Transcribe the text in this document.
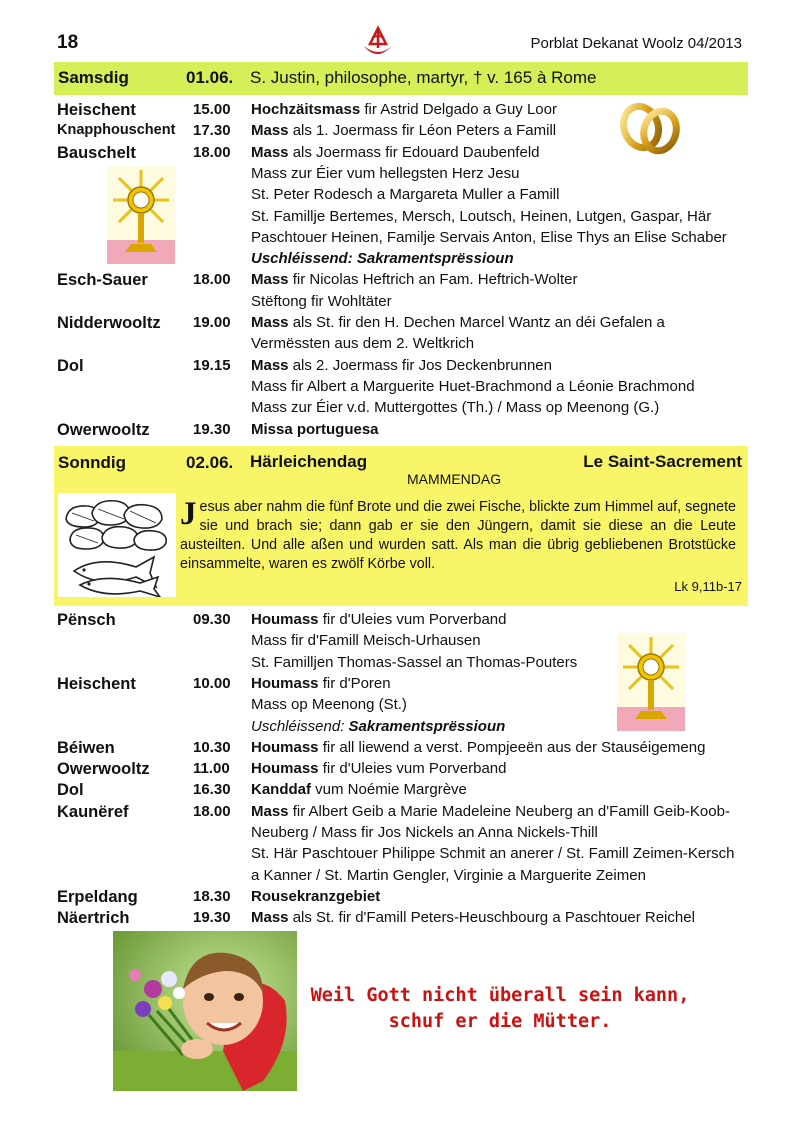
18	Porblat Dekanat Woolz 04/2013
Samsdig	01.06. S. Justin, philosophe, martyr, † v. 165 à Rome
Heischent	15.00 Hochzäitsmass fir Astrid Delgado a Guy Loor
Knapphouschent 17.30 Mass als 1. Joermass fir Léon Peters a Famill
Bauschelt	18.00 Mass als Joermass fir Edouard Daubenfeld
Mass zur Éier vum hellegsten Herz Jesu
St. Peter Rodesch a Margareta Muller a Famill
St. Famillje Bertemes, Mersch, Loutsch, Heinen, Lutgen, Gaspar, Här
Paschtouer Heinen, Familje Servais Anton, Elise Thys an Elise Schaber
Uschléissend: Sakramentsprëssioun
Esch-Sauer	18.00 Mass fir Nicolas Heftrich an Fam. Heftrich-Wolter
Stëftong fir Wohltäter
Nidderwooltz 19.00 Mass als St. fir den H. Dechen Marcel Wantz an déi Gefalen a
Vermëssten aus dem 2. Weltkrich
Dol	19.15 Mass als 2. Joermass fir Jos Deckenbrunnen
Mass fir Albert a Marguerite Huet-Brachmond a Léonie Brachmond
Mass zur Éier v.d. Muttergottes (Th.) / Mass op Meenong (G.)
Owerwooltz	19.30 Missa portuguesa
Sonndig	02.06. Härleichendag	Le Saint-Sacrement
MAMMENDAG
Jesus aber nahm die fünf Brote und die zwei Fische, blickte zum Himmel auf, segnete sie und brach sie; dann gab er sie den Jüngern, damit sie diese an die Leute austeilten. Und alle aßen und wurden satt. Als man die übrig gebliebenen Brotstücke einsammelte, waren es zwölf Körbe voll.
Lk 9,11b-17
Pënsch	09.30 Houmass fir d'Uleies vum Porverband
Mass fir d'Famill Meisch-Urhausen
St. Familljen Thomas-Sassel an Thomas-Pouters
Heischent	10.00 Houmass fir d'Poren
Mass op Meenong (St.)
Uschléissend: Sakramentsprëssioun
Béiwen	10.30 Houmass fir all liewend a verst. Pompjeeën aus der Stauséigemeng
Owerwooltz	11.00 Houmass fir d'Uleies vum Porverband
Dol	16.30 Kanddaf vum Noémie Margrève
Kaunëref	18.00 Mass fir Albert Geib a Marie Madeleine Neuberg an d'Famill Geib-Koob-
Neuberg / Mass fir Jos Nickels an Anna Nickels-Thill
St. Här Paschtouer Philippe Schmit an anerer / St. Famill Zeimen-Kersch
a Kanner / St. Martin Gengler, Virginie a Marguerite Zeimen
Erpeldang	18.30 Rousekranzgebiet
Näertrich	19.30 Mass als St. fir d'Famill Peters-Heuschbourg a Paschtouer Reichel
Weil Gott nicht überall sein kann,
schuf er die Mütter.
